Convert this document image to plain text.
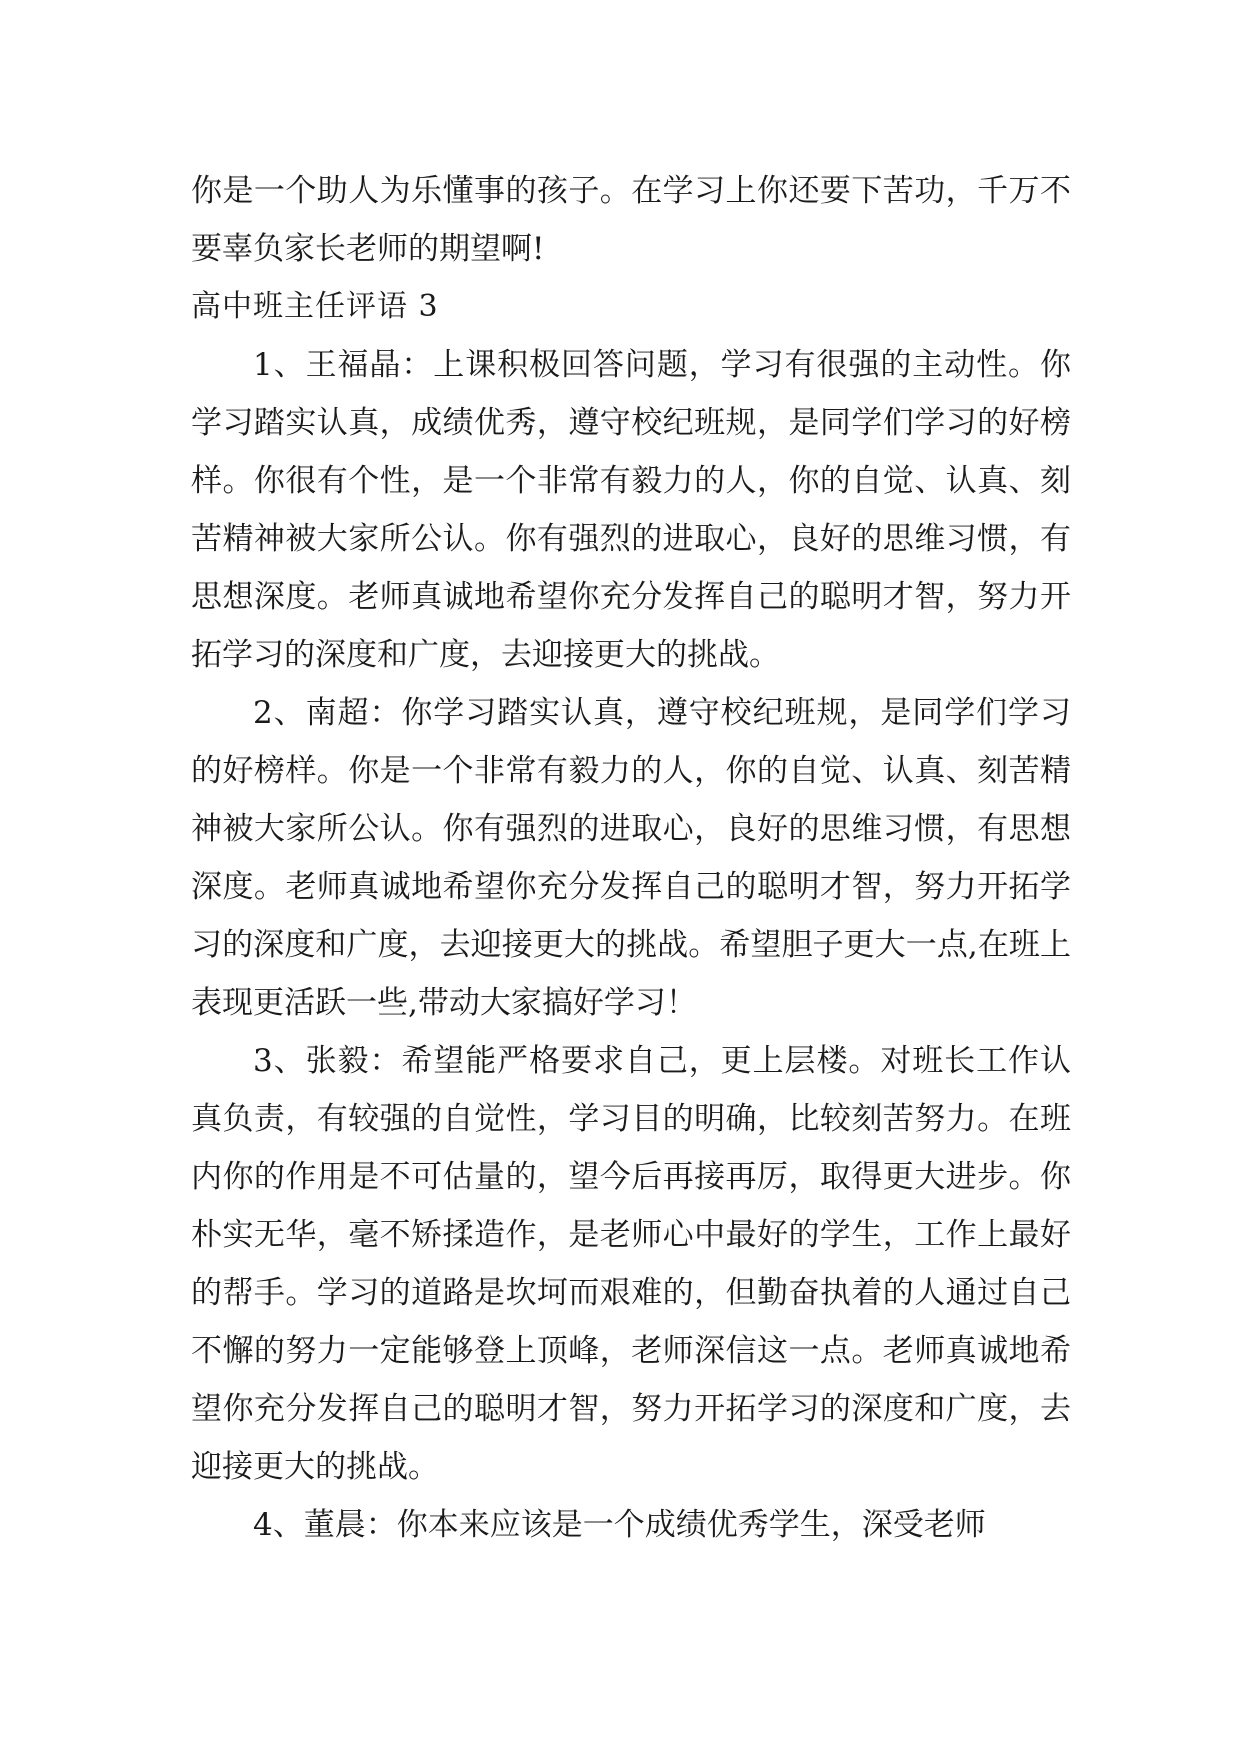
你是一个助人为乐懂事的孩子。在学习上你还要下苦功，千万不要辜负家长老师的期望啊!

高中班主任评语 3

1、王福晶：上课积极回答问题，学习有很强的主动性。你学习踏实认真，成绩优秀，遵守校纪班规，是同学们学习的好榜样。你很有个性，是一个非常有毅力的人，你的自觉、认真、刻苦精神被大家所公认。你有强烈的进取心，良好的思维习惯，有思想深度。老师真诚地希望你充分发挥自己的聪明才智，努力开拓学习的深度和广度，去迎接更大的挑战。

2、南超：你学习踏实认真，遵守校纪班规，是同学们学习的好榜样。你是一个非常有毅力的人，你的自觉、认真、刻苦精神被大家所公认。你有强烈的进取心，良好的思维习惯，有思想深度。老师真诚地希望你充分发挥自己的聪明才智，努力开拓学习的深度和广度，去迎接更大的挑战。希望胆子更大一点,在班上表现更活跃一些,带动大家搞好学习！

3、张毅：希望能严格要求自己，更上层楼。对班长工作认真负责，有较强的自觉性，学习目的明确，比较刻苦努力。在班内你的作用是不可估量的，望今后再接再厉，取得更大进步。你朴实无华，毫不矫揉造作，是老师心中最好的学生，工作上最好的帮手。学习的道路是坎坷而艰难的，但勤奋执着的人通过自己不懈的努力一定能够登上顶峰，老师深信这一点。老师真诚地希望你充分发挥自己的聪明才智，努力开拓学习的深度和广度，去迎接更大的挑战。

4、董晨：你本来应该是一个成绩优秀学生，深受老师
